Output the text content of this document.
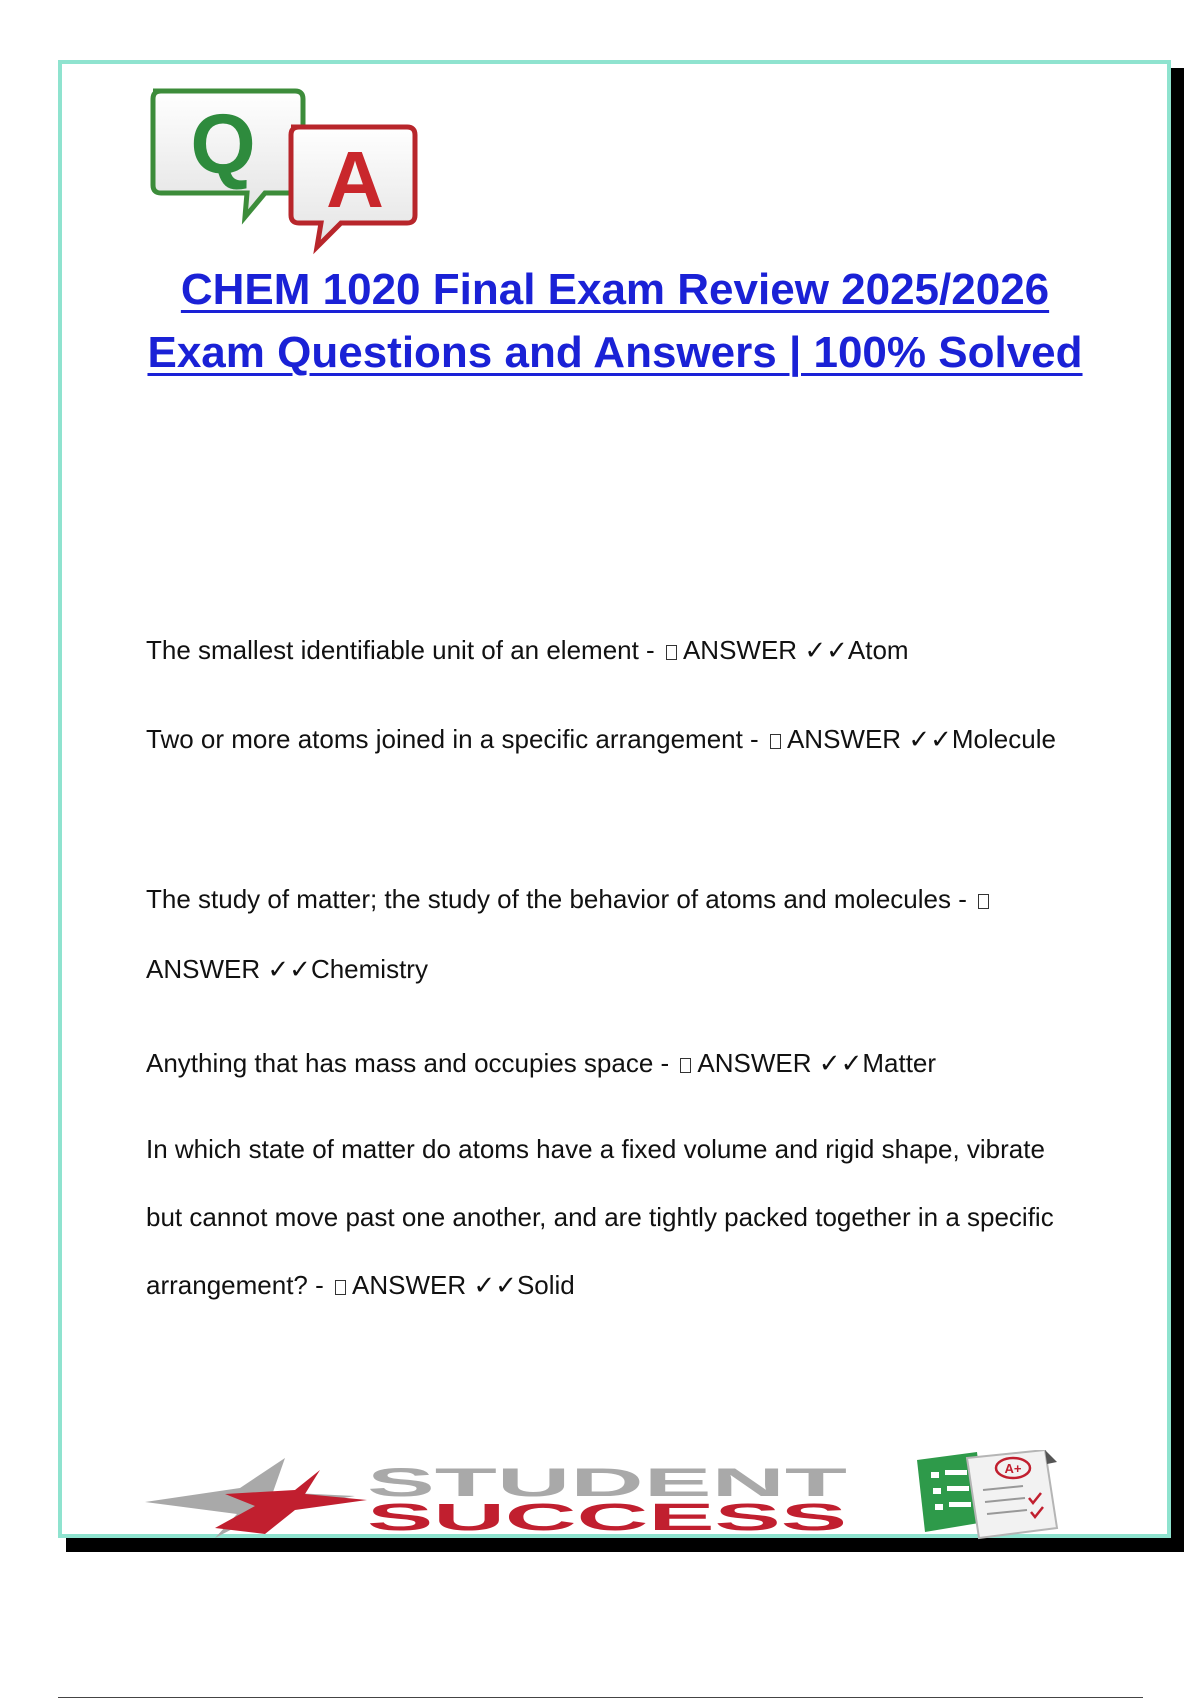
Q A
CHEM 1020 Final Exam Review 2025/2026 Exam Questions and Answers | 100% Solved

The smallest identifiable unit of an element - ANSWER ✓✓Atom

Two or more atoms joined in a specific arrangement - ANSWER ✓✓Molecule

The study of matter; the study of the behavior of atoms and molecules - ANSWER ✓✓Chemistry

Anything that has mass and occupies space - ANSWER ✓✓Matter

In which state of matter do atoms have a fixed volume and rigid shape, vibrate but cannot move past one another, and are tightly packed together in a specific arrangement? - ANSWER ✓✓Solid

STUDENT
SUCCESS
A+
